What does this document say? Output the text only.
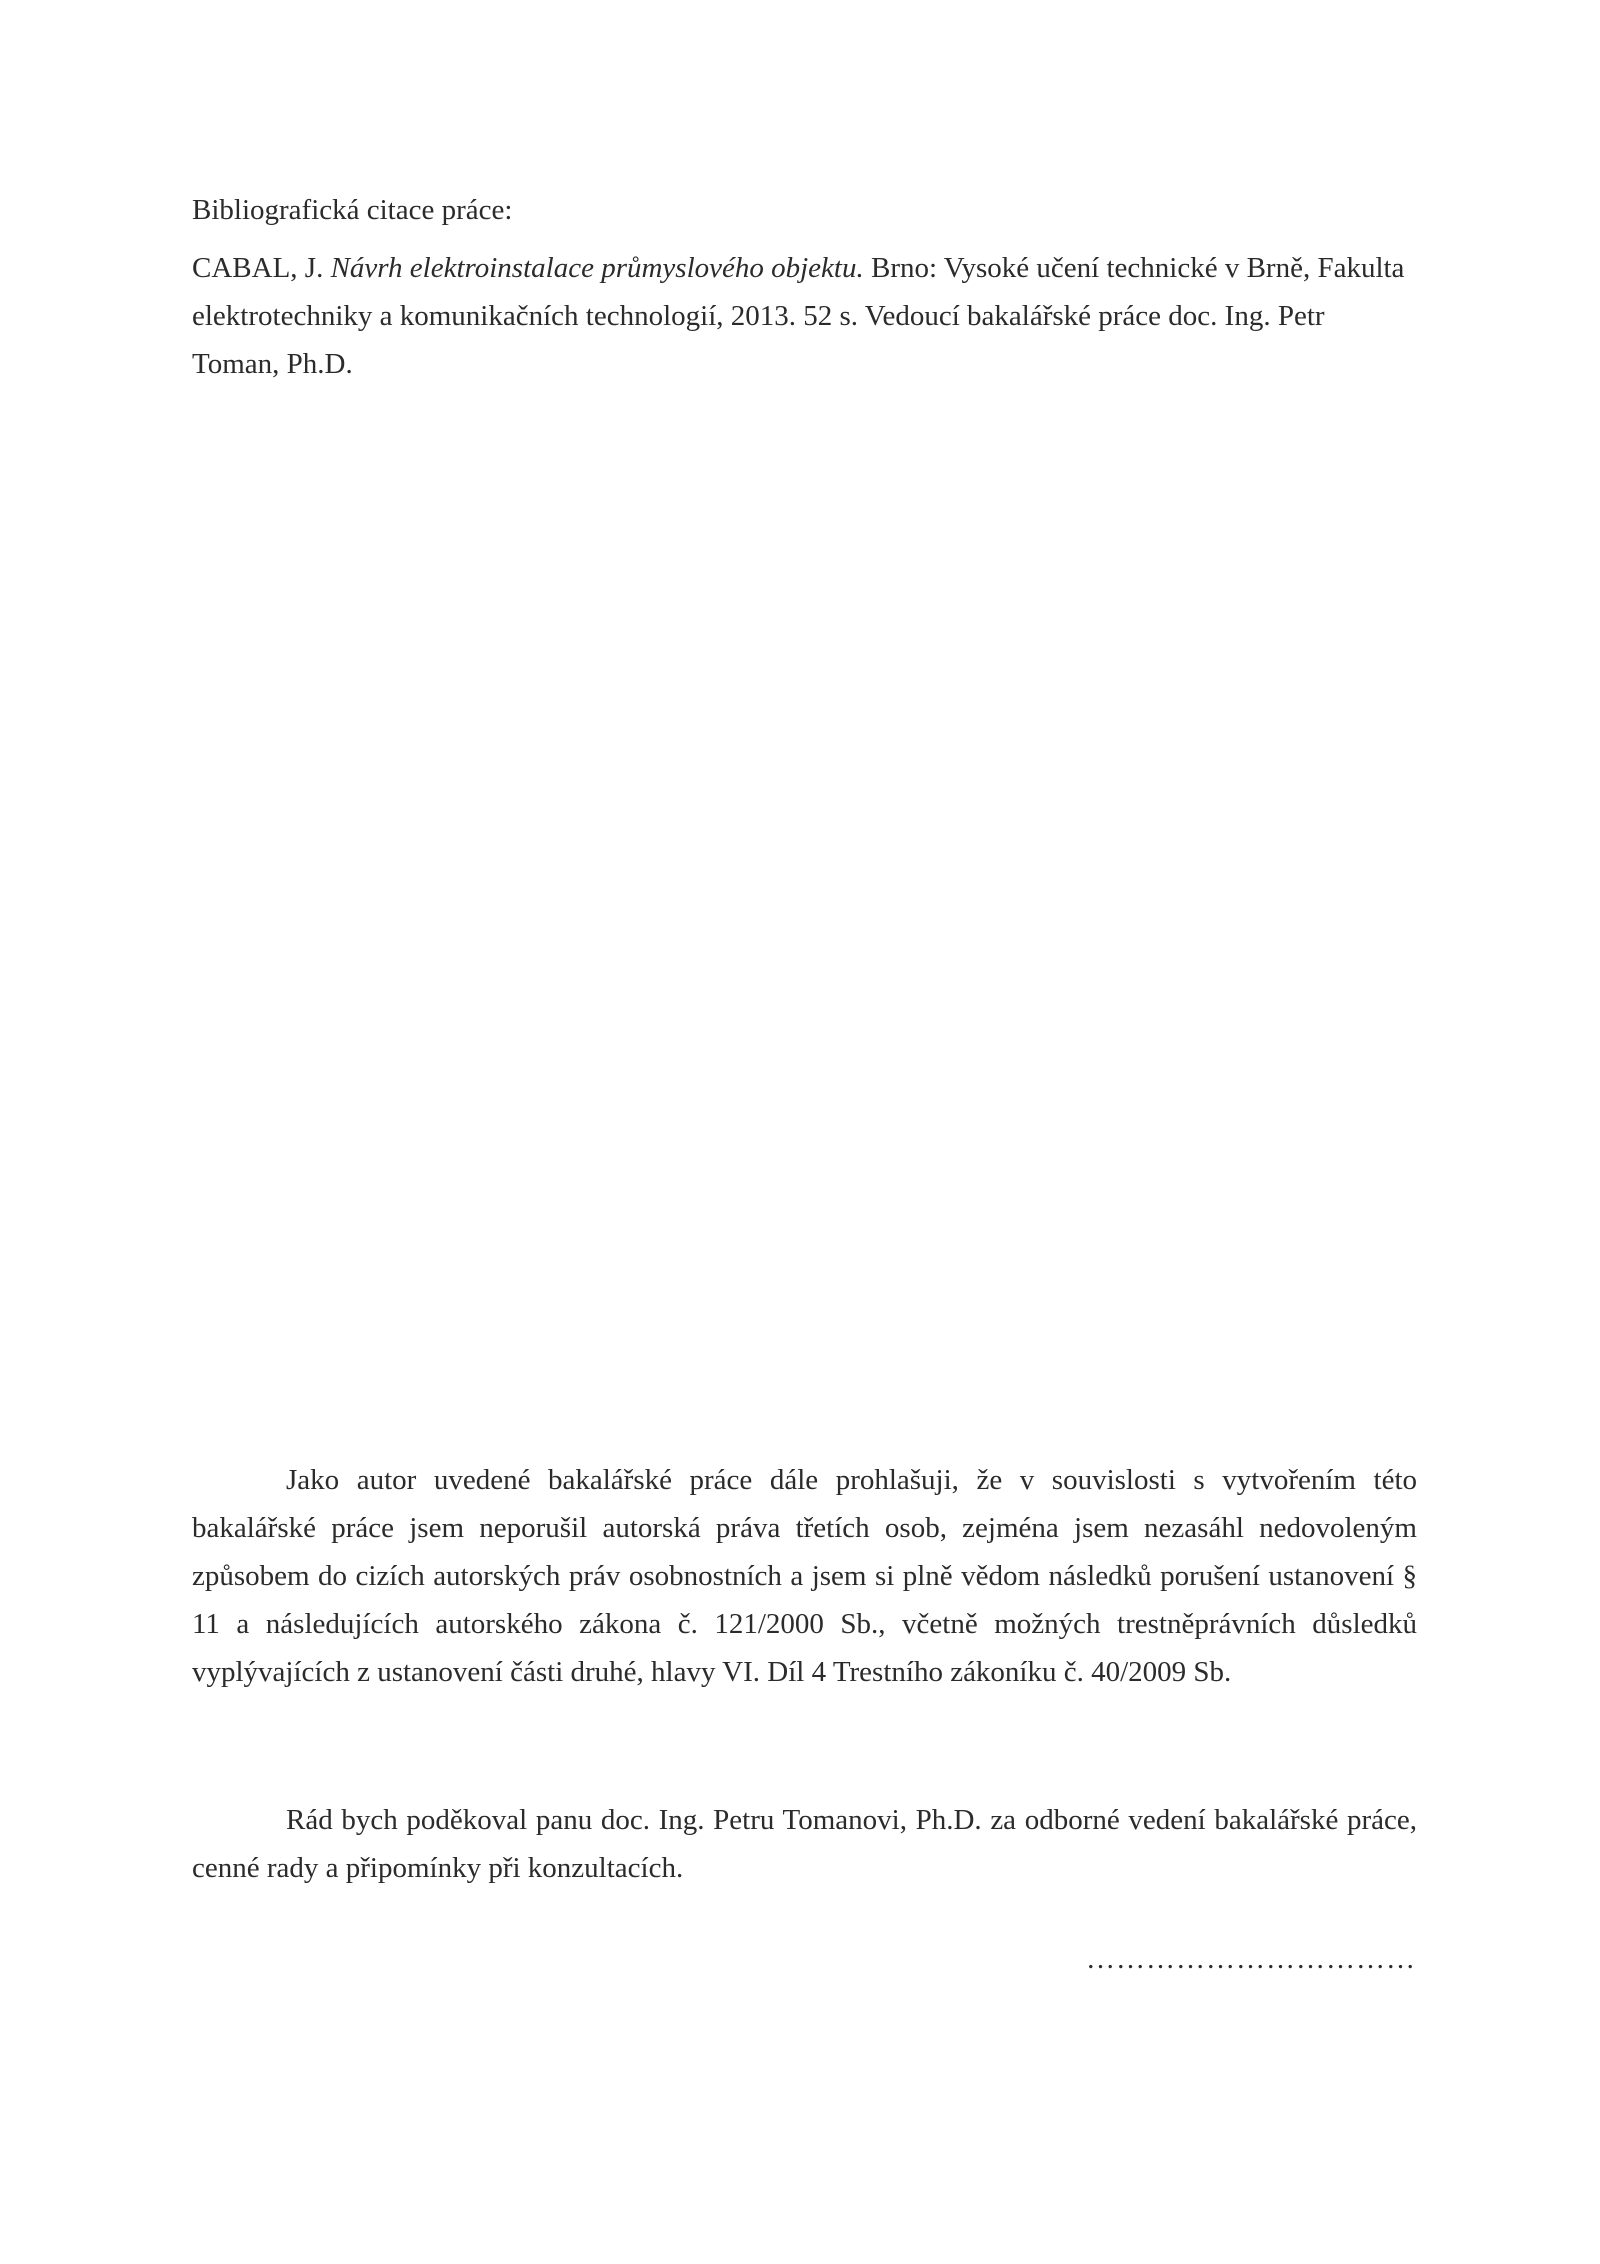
Bibliografická citace práce:

CABAL, J. Návrh elektroinstalace průmyslového objektu. Brno: Vysoké učení technické v Brně, Fakulta elektrotechniky a komunikačních technologií, 2013. 52 s. Vedoucí bakalářské práce doc. Ing. Petr Toman, Ph.D.

Jako autor uvedené bakalářské práce dále prohlašuji, že v souvislosti s vytvořením této bakalářské práce jsem neporušil autorská práva třetích osob, zejména jsem nezasáhl nedovoleným způsobem do cizích autorských práv osobnostních a jsem si plně vědom následků porušení ustanovení § 11 a následujících autorského zákona č. 121/2000 Sb., včetně možných trestněprávních důsledků vyplývajících z ustanovení části druhé, hlavy VI. Díl 4 Trestního zákoníku č. 40/2009 Sb.

Rád bych poděkoval panu doc. Ing. Petru Tomanovi, Ph.D. za odborné vedení bakalářské práce, cenné rady a připomínky při konzultacích.

……………………………
